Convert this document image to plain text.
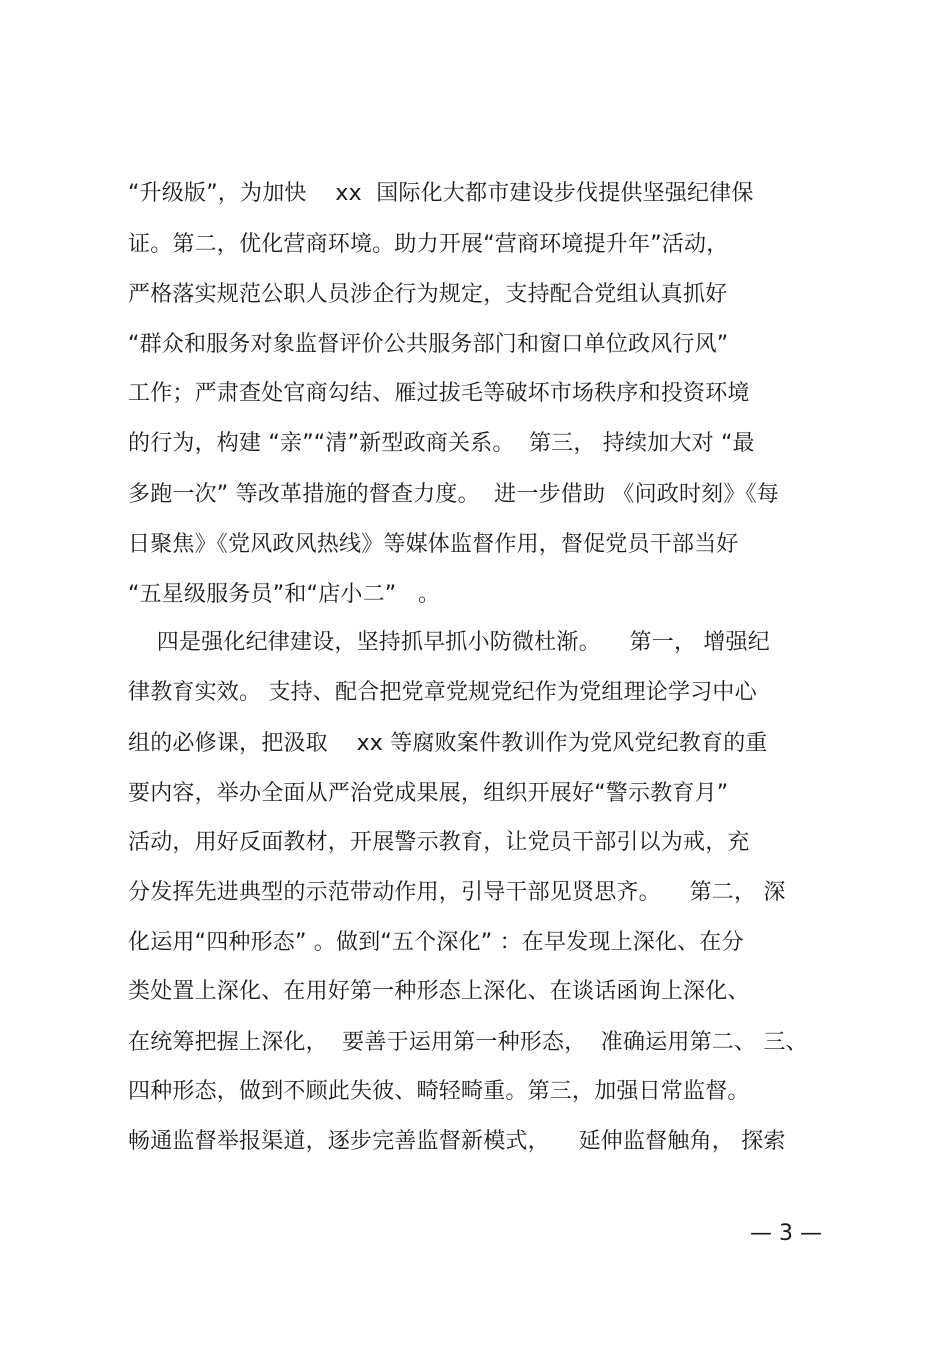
“升级版”，为加快    xx  国际化大都市建设步伐提供坚强纪律保
证。第二，优化营商环境。助力开展“营商环境提升年”活动，
严格落实规范公职人员涉企行为规定，支持配合党组认真抓好
“群众和服务对象监督评价公共服务部门和窗口单位政风行风”
工作；严肃查处官商勾结、雁过拔毛等破坏市场秩序和投资环境
的行为，构建 “亲”“清”新型政商关系。  第三， 持续加大对 “最
多跑一次” 等改革措施的督查力度。  进一步借助 《问政时刻》《每
日聚焦》《党风政风热线》等媒体监督作用，督促党员干部当好
“五星级服务员”和“店小二”   。
四是强化纪律建设，坚持抓早抓小防微杜渐。    第一， 增强纪
律教育实效。 支持、配合把党章党规党纪作为党组理论学习中心
组的必修课，把汲取    xx 等腐败案件教训作为党风党纪教育的重
要内容，举办全面从严治党成果展，组织开展好“警示教育月”
活动，用好反面教材，开展警示教育，让党员干部引以为戒，充
分发挥先进典型的示范带动作用，引导干部见贤思齐。    第二， 深
化运用“四种形态” 。做到“五个深化” ：在早发现上深化、在分
类处置上深化、在用好第一种形态上深化、在谈话函询上深化、
在统筹把握上深化，  要善于运用第一种形态，  准确运用第二、 三、
四种形态，做到不顾此失彼、畸轻畸重。第三，加强日常监督。
畅通监督举报渠道，逐步完善监督新模式，    延伸监督触角， 探索
— 3 —
